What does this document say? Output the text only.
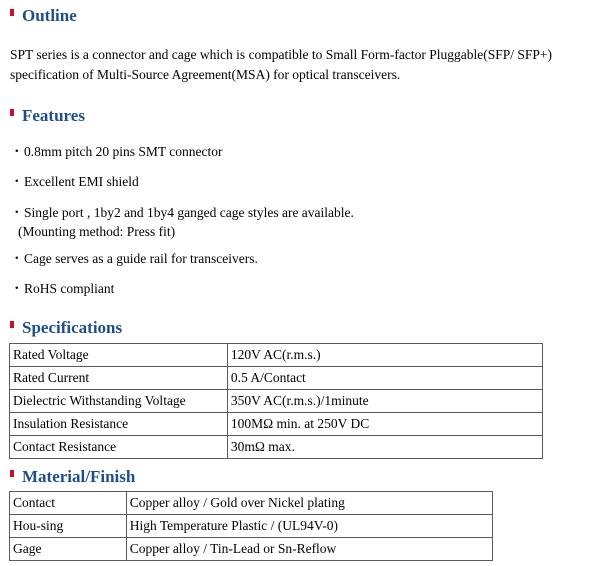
Outline
SPT series is a connector and cage which is compatible to Small Form-factor Pluggable(SFP/ SFP+) specification of Multi-Source Agreement(MSA) for optical transceivers.
Features
・0.8mm pitch 20 pins SMT connector
・Excellent EMI shield
・Single port , 1by2 and 1by4 ganged cage styles are available.
(Mounting method: Press fit)
・Cage serves as a guide rail for transceivers.
・RoHS compliant
Specifications
Rated Voltage	120V AC(r.m.s.)
Rated Current	0.5 A/Contact
Dielectric Withstanding Voltage	350V AC(r.m.s.)/1minute
Insulation Resistance	100MΩ min. at 250V DC
Contact Resistance	30mΩ max.
Material/Finish
Contact	Copper alloy / Gold over Nickel plating
Hou-sing	High Temperature Plastic / (UL94V-0)
Gage	Copper alloy / Tin-Lead or Sn-Reflow
